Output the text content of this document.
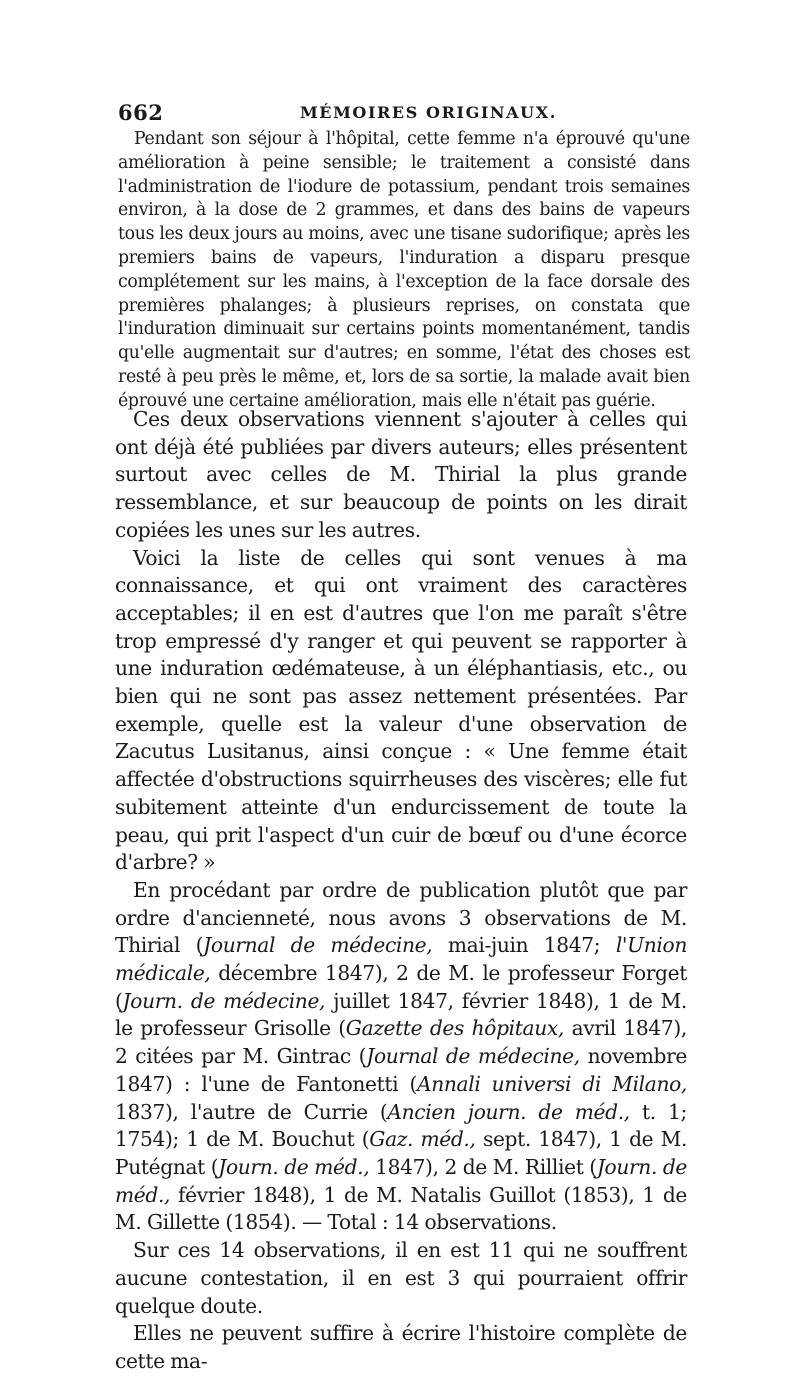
662	MÉMOIRES ORIGINAUX.

Pendant son séjour à l'hôpital, cette femme n'a éprouvé qu'une amélioration à peine sensible; le traitement a consisté dans l'administration de l'iodure de potassium, pendant trois semaines environ, à la dose de 2 grammes, et dans des bains de vapeurs tous les deux jours au moins, avec une tisane sudorifique; après les premiers bains de vapeurs, l'induration a disparu presque complétement sur les mains, à l'exception de la face dorsale des premières phalanges; à plusieurs reprises, on constata que l'induration diminuait sur certains points momentanément, tandis qu'elle augmentait sur d'autres; en somme, l'état des choses est resté à peu près le même, et, lors de sa sortie, la malade avait bien éprouvé une certaine amélioration, mais elle n'était pas guérie.

Ces deux observations viennent s'ajouter à celles qui ont déjà été publiées par divers auteurs; elles présentent surtout avec celles de M. Thirial la plus grande ressemblance, et sur beaucoup de points on les dirait copiées les unes sur les autres.

Voici la liste de celles qui sont venues à ma connaissance, et qui ont vraiment des caractères acceptables; il en est d'autres que l'on me paraît s'être trop empressé d'y ranger et qui peuvent se rapporter à une induration œdémateuse, à un éléphantiasis, etc., ou bien qui ne sont pas assez nettement présentées. Par exemple, quelle est la valeur d'une observation de Zacutus Lusitanus, ainsi conçue : « Une femme était affectée d'obstructions squirrheuses des viscères; elle fut subitement atteinte d'un endurcissement de toute la peau, qui prit l'aspect d'un cuir de bœuf ou d'une écorce d'arbre? »

En procédant par ordre de publication plutôt que par ordre d'ancienneté, nous avons 3 observations de M. Thirial (Journal de médecine, mai-juin 1847; l'Union médicale, décembre 1847), 2 de M. le professeur Forget (Journ. de médecine, juillet 1847, février 1848), 1 de M. le professeur Grisolle (Gazette des hôpitaux, avril 1847), 2 citées par M. Gintrac (Journal de médecine, novembre 1847) : l'une de Fantonetti (Annali universi di Milano, 1837), l'autre de Currie (Ancien journ. de méd., t. 1; 1754); 1 de M. Bouchut (Gaz. méd., sept. 1847), 1 de M. Putégnat (Journ. de méd., 1847), 2 de M. Rilliet (Journ. de méd., février 1848), 1 de M. Natalis Guillot (1853), 1 de M. Gillette (1854). — Total : 14 observations.

Sur ces 14 observations, il en est 11 qui ne souffrent aucune contestation, il en est 3 qui pourraient offrir quelque doute.

Elles ne peuvent suffire à écrire l'histoire complète de cette ma-
